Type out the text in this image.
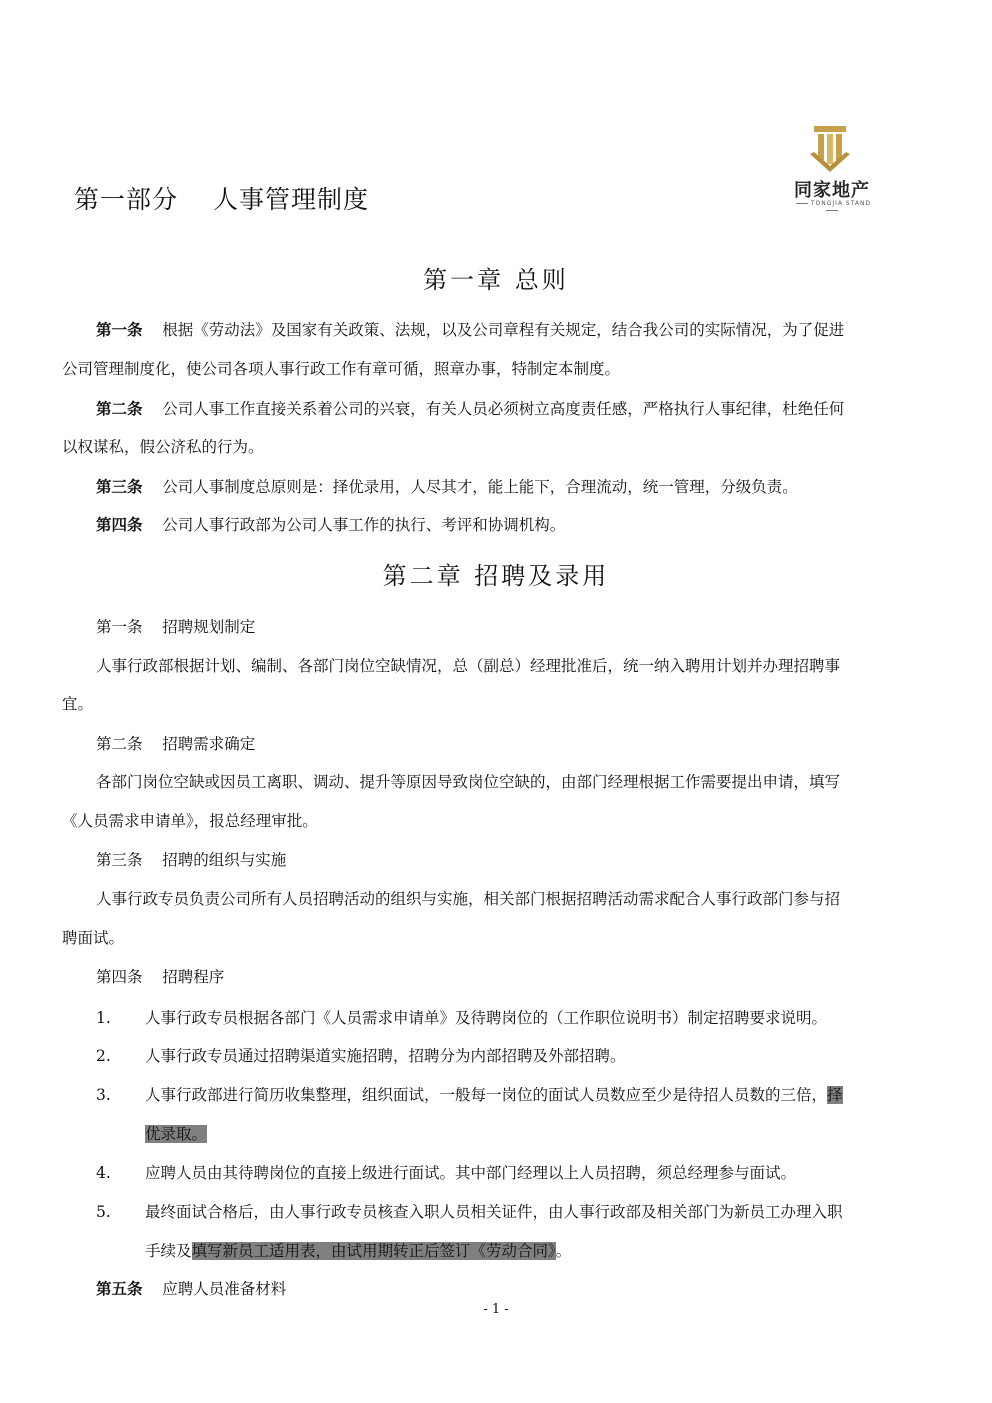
第一部分　 人事管理制度	同家地产
TONGJIA STAND
第一章 总则
第一条 根据《劳动法》及国家有关政策、法规，以及公司章程有关规定，结合我公司的实际情况，为了促进
公司管理制度化，使公司各项人事行政工作有章可循，照章办事，特制定本制度。
第二条 公司人事工作直接关系着公司的兴衰，有关人员必须树立高度责任感，严格执行人事纪律，杜绝任何
以权谋私，假公济私的行为。
第三条 公司人事制度总原则是：择优录用，人尽其才，能上能下，合理流动，统一管理，分级负责。
第四条 公司人事行政部为公司人事工作的执行、考评和协调机构。
第二章 招聘及录用
第一条 招聘规划制定
人事行政部根据计划、编制、各部门岗位空缺情况，总（副总）经理批准后，统一纳入聘用计划并办理招聘事
宜。
第二条 招聘需求确定
各部门岗位空缺或因员工离职、调动、提升等原因导致岗位空缺的，由部门经理根据工作需要提出申请，填写
《人员需求申请单》，报总经理审批。
第三条 招聘的组织与实施
人事行政专员负责公司所有人员招聘活动的组织与实施，相关部门根据招聘活动需求配合人事行政部门参与招
聘面试。
第四条 招聘程序
1. 人事行政专员根据各部门《人员需求申请单》及待聘岗位的（工作职位说明书）制定招聘要求说明。
2. 人事行政专员通过招聘渠道实施招聘，招聘分为内部招聘及外部招聘。
3. 人事行政部进行简历收集整理，组织面试，一般每一岗位的面试人员数应至少是待招人员数的三倍，择
优录取。
4. 应聘人员由其待聘岗位的直接上级进行面试。其中部门经理以上人员招聘，须总经理参与面试。
5. 最终面试合格后，由人事行政专员核查入职人员相关证件，由人事行政部及相关部门为新员工办理入职
手续及填写新员工适用表，由试用期转正后签订《劳动合同》。
第五条 应聘人员准备材料
- 1 -
